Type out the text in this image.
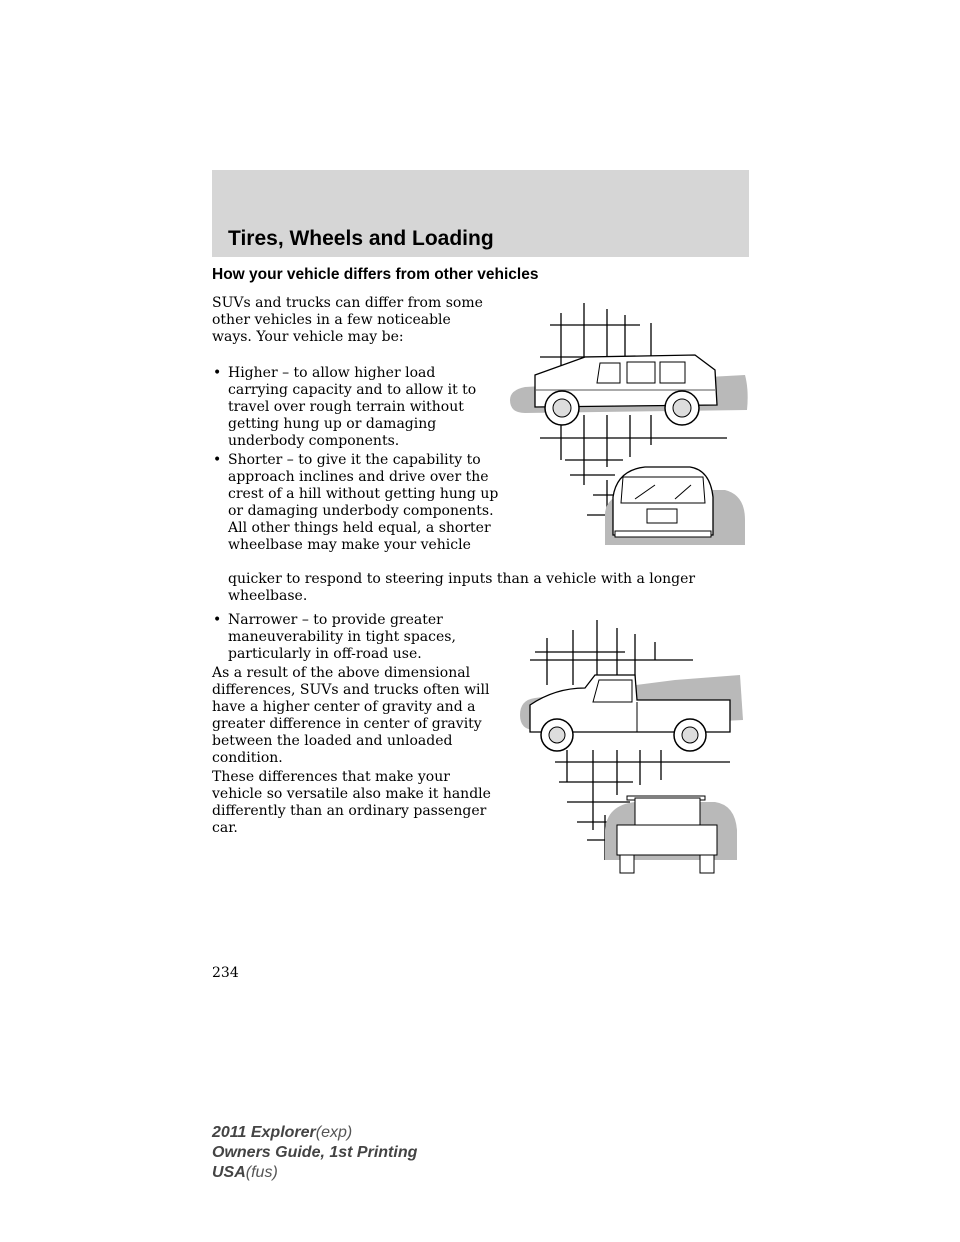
Tires, Wheels and Loading
How your vehicle differs from other vehicles

SUVs and trucks can differ from some other vehicles in a few noticeable ways. Your vehicle may be:

• Higher – to allow higher load carrying capacity and to allow it to travel over rough terrain without getting hung up or damaging underbody components.

• Shorter – to give it the capability to approach inclines and drive over the crest of a hill without getting hung up or damaging underbody components. All other things held equal, a shorter wheelbase may make your vehicle

quicker to respond to steering inputs than a vehicle with a longer wheelbase.

• Narrower – to provide greater maneuverability in tight spaces, particularly in off-road use.

As a result of the above dimensional differences, SUVs and trucks often will have a higher center of gravity and a greater difference in center of gravity between the loaded and unloaded condition.

These differences that make your vehicle so versatile also make it handle differently than an ordinary passenger car.

234
2011 Explorer(exp)
Owners Guide, 1st Printing
USA(fus)
